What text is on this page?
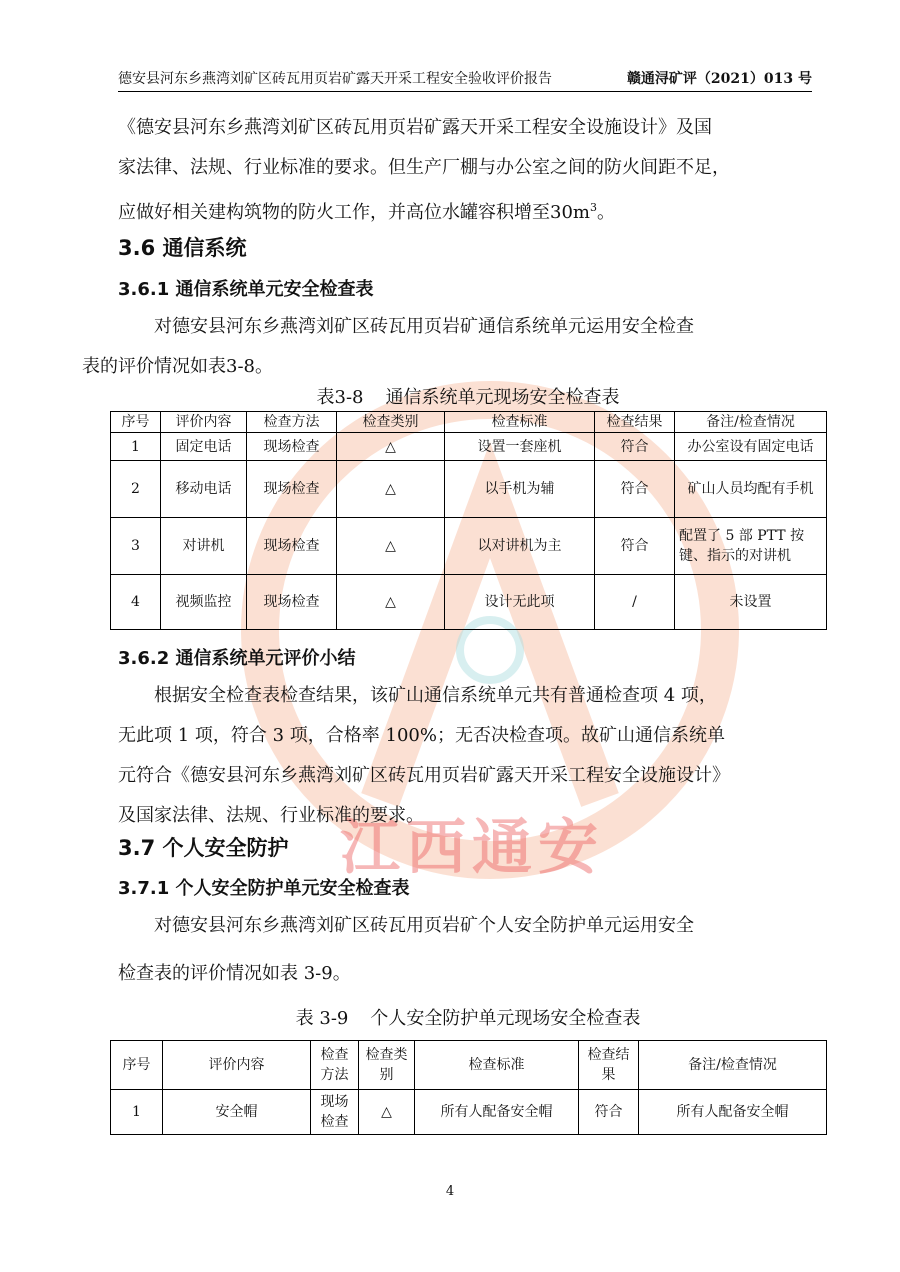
江西通安
德安县河东乡燕湾刘矿区砖瓦用页岩矿露天开采工程安全验收评价报告	赣通浔矿评（2021）013 号

《德安县河东乡燕湾刘矿区砖瓦用页岩矿露天开采工程安全设施设计》及国
家法律、法规、行业标准的要求。但生产厂棚与办公室之间的防火间距不足，
应做好相关建构筑物的防火工作，并高位水罐容积增至$30m^3$。

3.6 通信系统
3.6.1 通信系统单元安全检查表

对德安县河东乡燕湾刘矿区砖瓦用页岩矿通信系统单元运用安全检查
表的评价情况如表3-8。

表3-8 通信系统单元现场安全检查表

序号	评价内容	检查方法	检查类别	检查标准	检查结果	备注/检查情况
1	固定电话	现场检查	△	设置一套座机	符合	办公室设有固定电话
2	移动电话	现场检查	△	以手机为辅	符合	矿山人员均配有手机
3	对讲机	现场检查	△	以对讲机为主	符合	配置了 5 部 PTT 按键、指示的对讲机
4	视频监控	现场检查	△	设计无此项	/	未设置
3.6.2 通信系统单元评价小结

根据安全检查表检查结果，该矿山通信系统单元共有普通检查项 4 项，
无此项 1 项，符合 3 项，合格率 100%；无否决检查项。故矿山通信系统单
元符合《德安县河东乡燕湾刘矿区砖瓦用页岩矿露天开采工程安全设施设计》
及国家法律、法规、行业标准的要求。

3.7 个人安全防护
3.7.1 个人安全防护单元安全检查表

对德安县河东乡燕湾刘矿区砖瓦用页岩矿个人安全防护单元运用安全
检查表的评价情况如表 3-9。

表 3-9 个人安全防护单元现场安全检查表

序号	评价内容	检查方法	检查类别	检查标准	检查结果	备注/检查情况
1	安全帽	现场检查	△	所有人配备安全帽	符合	所有人配备安全帽
4
